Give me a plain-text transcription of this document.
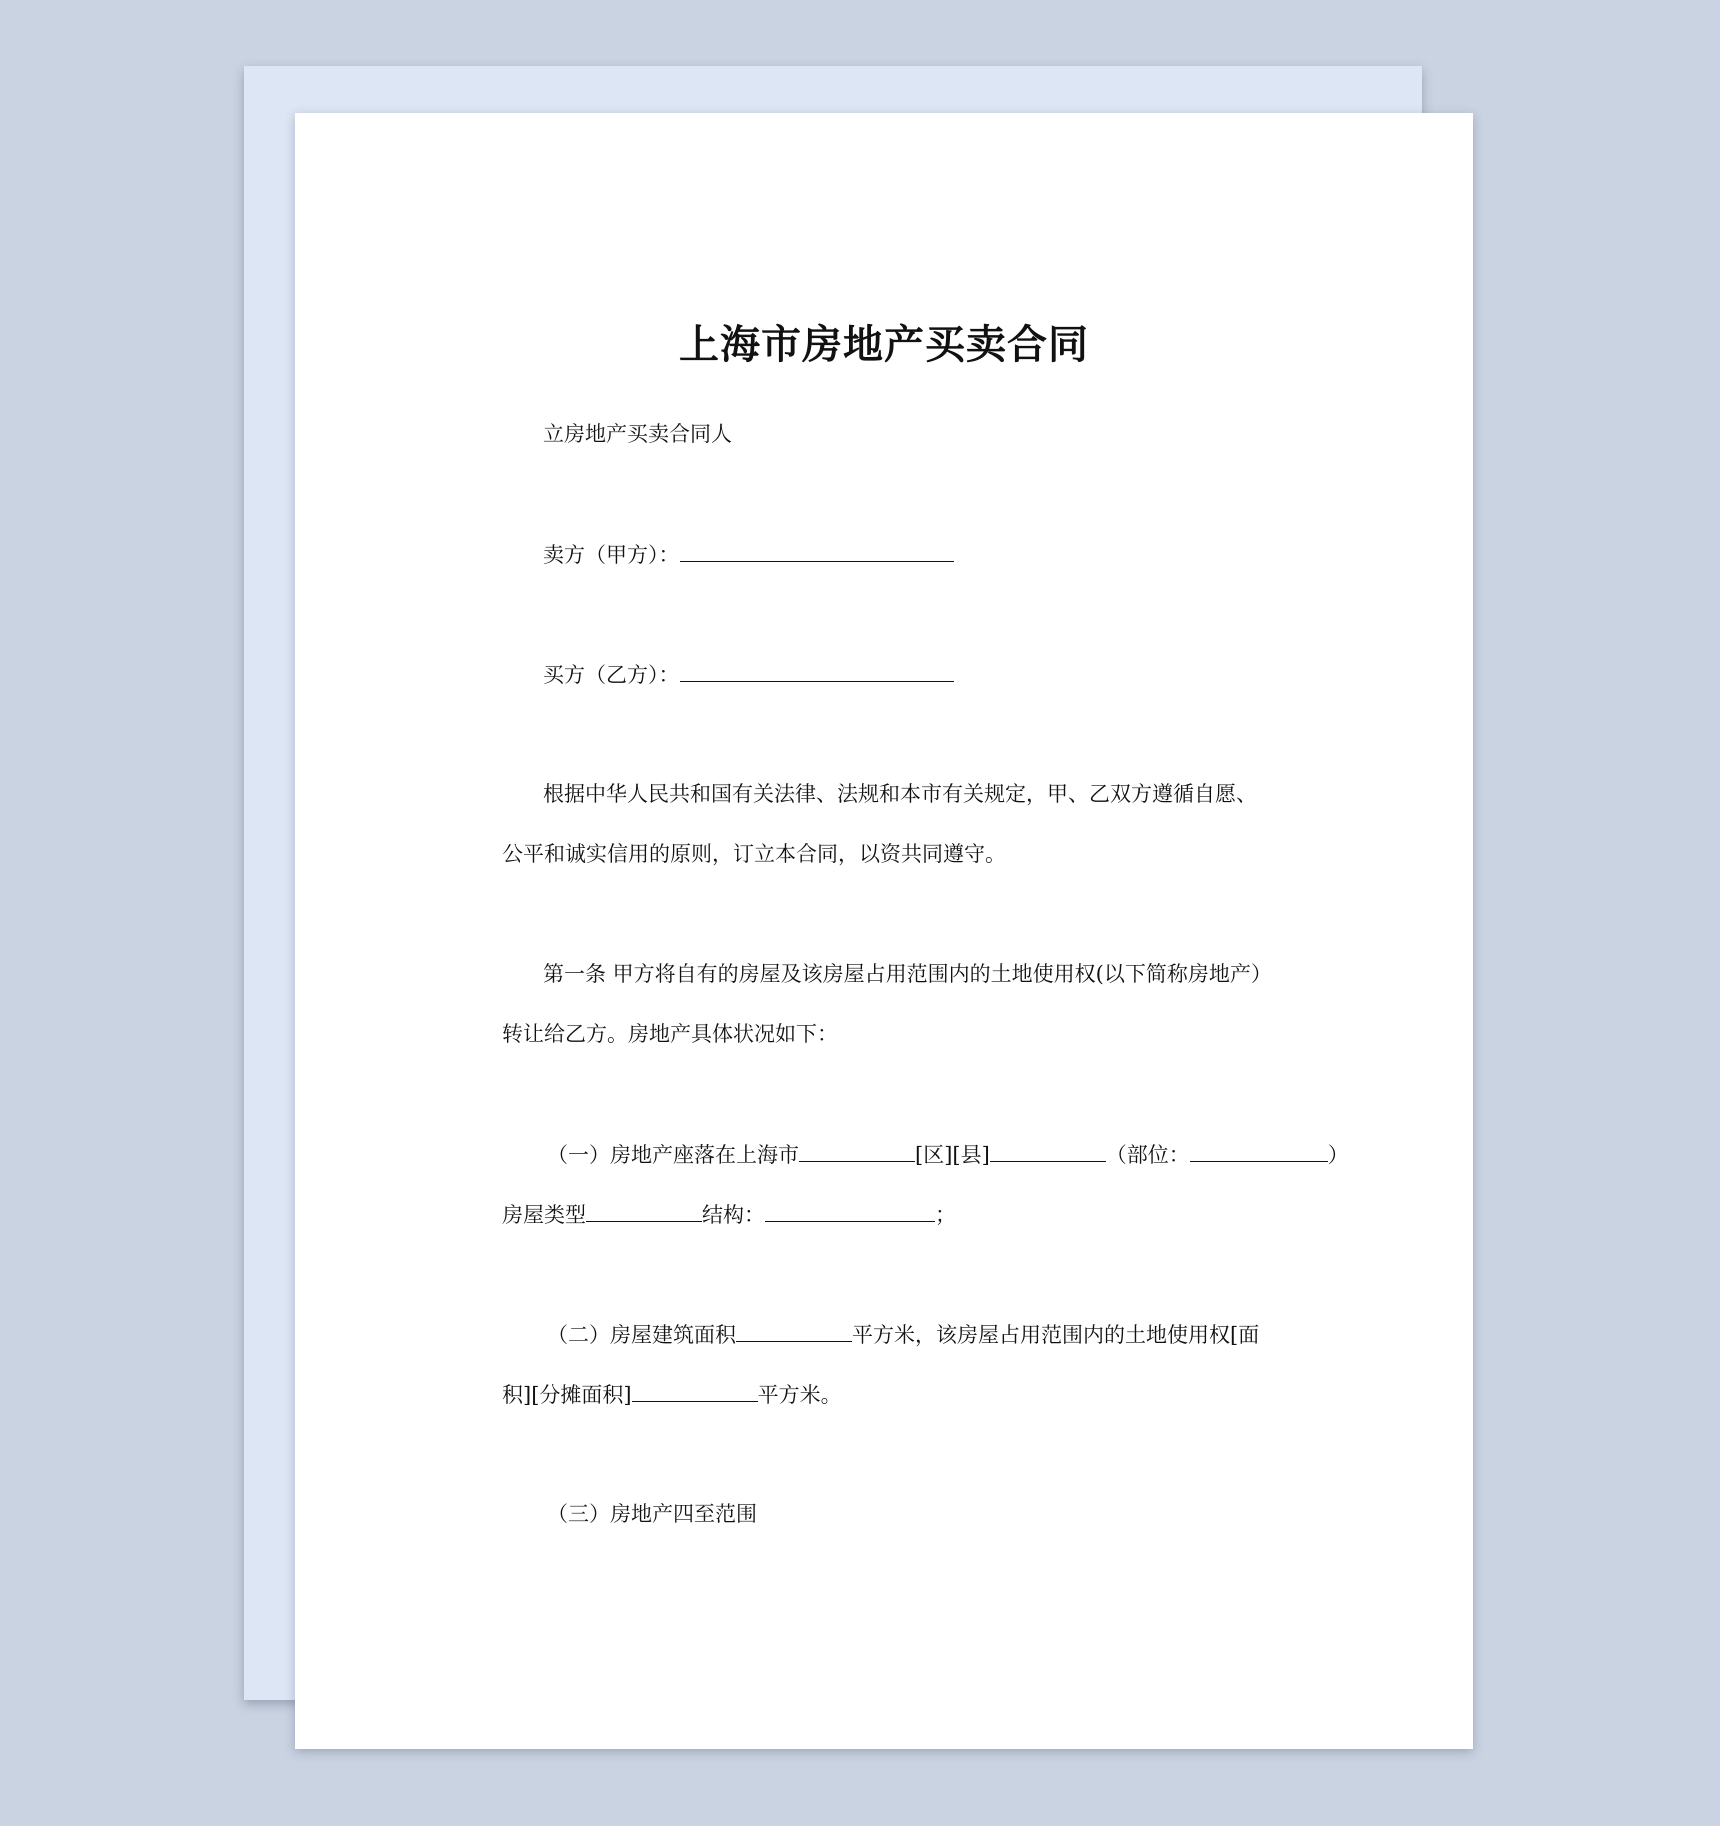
上海市房地产买卖合同
立房地产买卖合同人
卖方（甲方）：
买方（乙方）：
根据中华人民共和国有关法律、法规和本市有关规定，甲、乙双方遵循自愿、
公平和诚实信用的原则，订立本合同，以资共同遵守。
第一条 甲方将自有的房屋及该房屋占用范围内的土地使用权(以下简称房地产）
转让给乙方。房地产具体状况如下：
（一）房地产座落在上海市	[区][县]	（部位：	）
房屋类型	结构：	；
（二）房屋建筑面积	平方米，该房屋占用范围内的土地使用权[面
积][分摊面积]	平方米。
（三）房地产四至范围
